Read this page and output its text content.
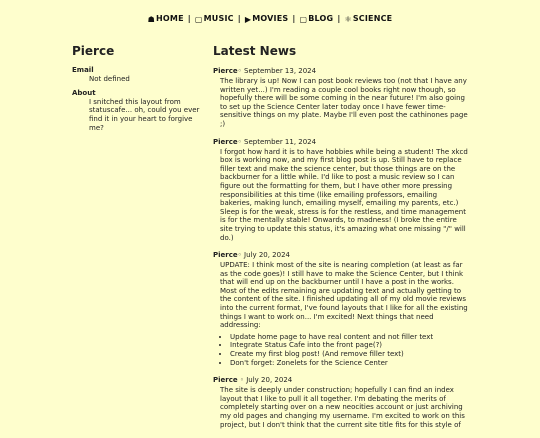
☗HOME | ▢MUSIC | ▶MOVIES | ▢BLOG | ⚛SCIENCE
Pierce
Email
Not defined
About
I snitched this layout from statuscafe... oh, could you ever find it in your heart to forgive me?
Latest News
Pierce◦ September 13, 2024
The library is up! Now I can post book reviews too (not that I have any written yet...) I'm reading a couple cool books right now though, so hopefully there will be some coming in the near future! I'm also going to set up the Science Center later today once I have fewer time-sensitive things on my plate. Maybe I'll even post the cathinones page ;)
Pierce◦ September 11, 2024
I forgot how hard it is to have hobbies while being a student! The xkcd box is working now, and my first blog post is up. Still have to replace filler text and make the science center, but those things are on the backburner for a little while. I'd like to post a music review so I can figure out the formatting for them, but I have other more pressing responsibilities at this time (like emailing professors, emailing bakeries, making lunch, emailing myself, emailing my parents, etc.) Sleep is for the weak, stress is for the restless, and time management is for the mentally stable! Onwards, to madness! (I broke the entire site trying to update this status, it's amazing what one missing "/" will do.)
Pierce◦ July 20, 2024
UPDATE: I think most of the site is nearing completion (at least as far as the code goes)! I still have to make the Science Center, but I think that will end up on the backburner until I have a post in the works. Most of the edits remaining are updating text and actually getting to the content of the site. I finished updating all of my old movie reviews into the current format, I've found layouts that I like for all the existing things I want to work on... I'm excited! Next things that need addressing:
• Update home page to have real content and not filler text
• Integrate Status Cafe into the front page(?)
• Create my first blog post! (And remove filler text)
• Don't forget: Zonelets for the Science Center
Pierce ◦ July 20, 2024
The site is deeply under construction; hopefully I can find an index layout that I like to pull it all together. I'm debating the merits of completely starting over on a new neocities account or just archiving my old pages and changing my username. I'm excited to work on this project, but I don't think that the current site title fits for this style of
